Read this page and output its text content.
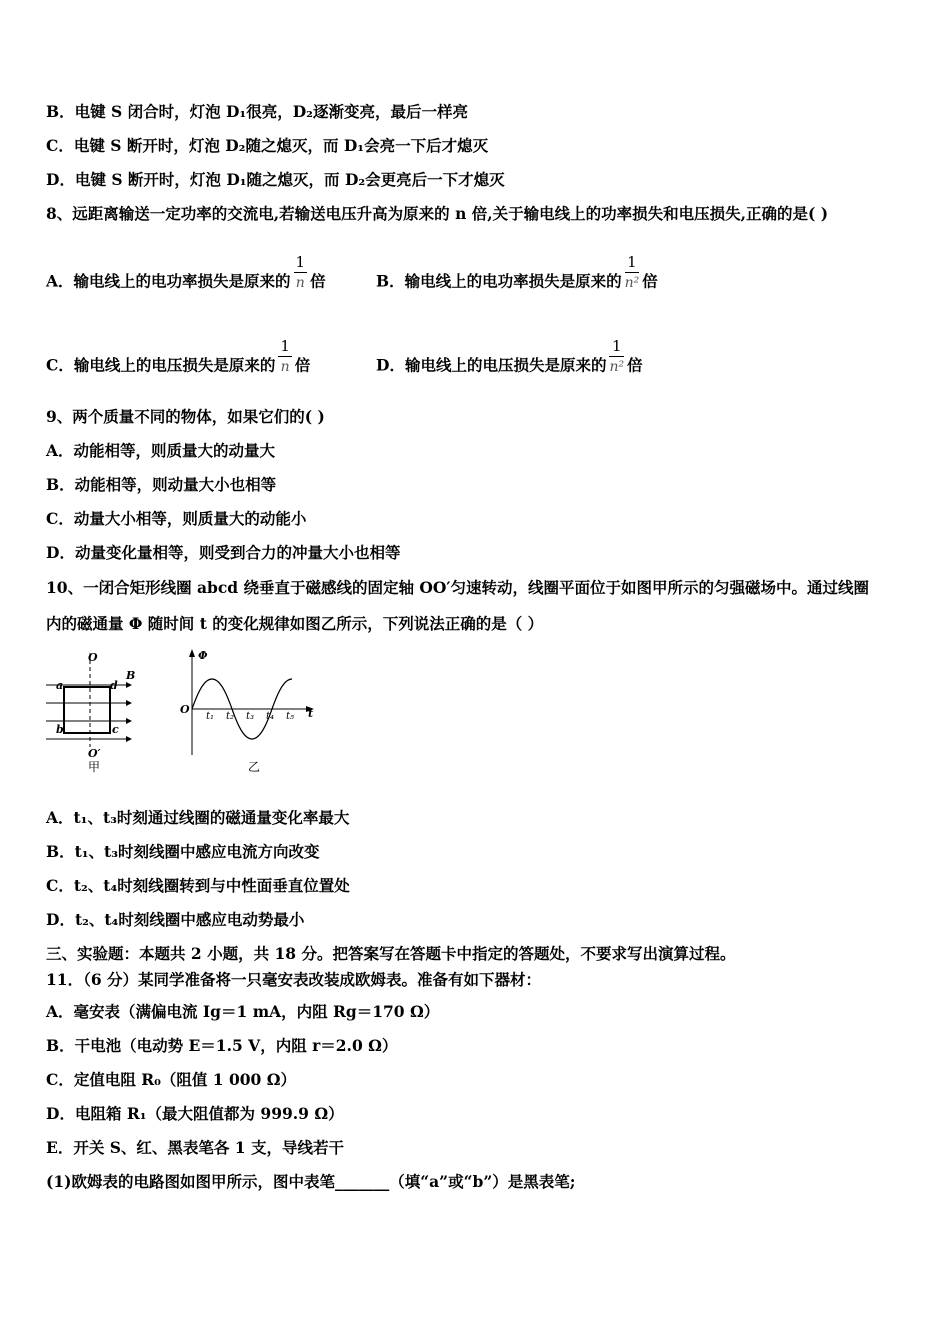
B．电键 S 闭合时，灯泡 D₁很亮，D₂逐渐变亮，最后一样亮
C．电键 S 断开时，灯泡 D₂随之熄灭，而 D₁会亮一下后才熄灭
D．电键 S 断开时，灯泡 D₁随之熄灭，而 D₂会更亮后一下才熄灭
8、远距离输送一定功率的交流电,若输送电压升高为原来的 n 倍,关于输电线上的功率损失和电压损失,正确的是( )
A．输电线上的电功率损失是原来的 $\frac{1}{n}$ 倍	B．输电线上的电功率损失是原来的 $\frac{1}{\text{n²}}$ 倍
C．输电线上的电压损失是原来的 $\frac{1}{n}$ 倍	D．输电线上的电压损失是原来的 $\frac{1}{\text{n²}}$ 倍
9、两个质量不同的物体，如果它们的( )
A．动能相等，则质量大的动量大
B．动能相等，则动量大小也相等
C．动量大小相等，则质量大的动能小
D．动量变化量相等，则受到合力的冲量大小也相等
10、一闭合矩形线圈 abcd 绕垂直于磁感线的固定轴 OO′匀速转动，线圈平面位于如图甲所示的匀强磁场中。通过线圈
内的磁通量 Φ 随时间 t 的变化规律如图乙所示，下列说法正确的是（ ）
O
O′
a
b	c
d
B
甲
Φ
t
O
t₁ t₂ t₃ t₄ t₅
乙
A．t₁、t₃时刻通过线圈的磁通量变化率最大
B．t₁、t₃时刻线圈中感应电流方向改变
C．t₂、t₄时刻线圈转到与中性面垂直位置处
D．t₂、t₄时刻线圈中感应电动势最小
三、实验题：本题共 2 小题，共 18 分。把答案写在答题卡中指定的答题处，不要求写出演算过程。
11．（6 分）某同学准备将一只毫安表改装成欧姆表。准备有如下器材：
A．毫安表（满偏电流 Ig＝1 mA，内阻 Rg＝170 Ω）
B．干电池（电动势 E＝1.5 V，内阻 r＝2.0 Ω）
C．定值电阻 R₀（阻值 1 000 Ω）
D．电阻箱 R₁（最大阻值都为 999.9 Ω）
E．开关 S、红、黑表笔各 1 支，导线若干
(1)欧姆表的电路图如图甲所示，图中表笔_______（填“a”或“b”）是黑表笔;
